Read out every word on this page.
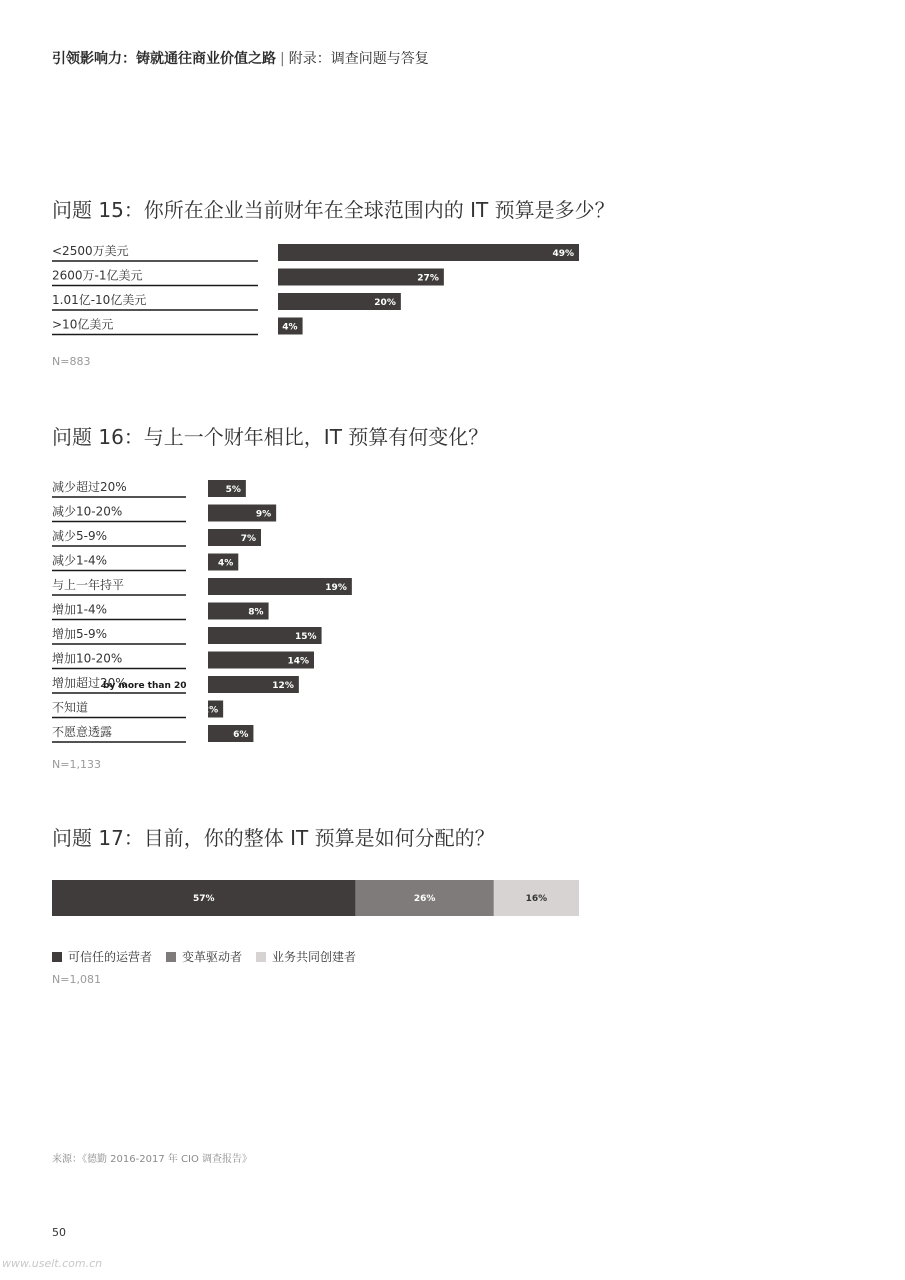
引领影响力：铸就通往商业价值之路 | 附录：调查问题与答复
问题 15：你所在企业当前财年在全球范围内的 IT 预算是多少？
<2500万美元	49%
2600万-1亿美元	27%
1.01亿-10亿美元	20%
>10亿美元	4%
N=883
问题 16：与上一个财年相比，IT 预算有何变化？
减少超过20%	5%
减少10-20%	9%
减少5-9%	7%
减少1-4%	4%
与上一年持平	19%
增加1-4%	8%
增加5-9%	15%
增加10-20%	14%
增加超过20%	12%
不知道	2%
不愿意透露	6%
by more than 20
N=1,133
问题 17：目前，你的整体 IT 预算是如何分配的？
57%	26%	16%
可信任的运营者	变革驱动者	业务共同创建者
N=1,081
来源：《德勤 2016-2017 年 CIO 调查报告》
50
www.uselt.com.cn
